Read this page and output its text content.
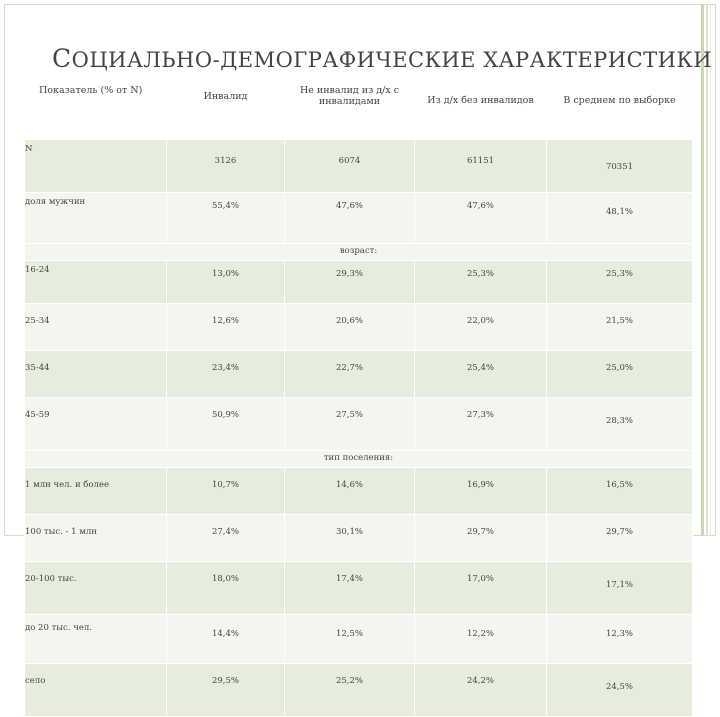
СОЦИАЛЬНО-ДЕМОГРАФИЧЕСКИЕ ХАРАКТЕРИСТИКИ
Показатель (% от N)	Инвалид	Не инвалид из д/х с инвалидами	Из д/х без инвалидов	В среднем по выборке

N	3126	6074	61151	70351
доля мужчин	55,4%	47,6%	47,6%	48,1%
возраст:				
16-24	13,0%	29,3%	25,3%	25,3%
25-34	12,6%	20,6%	22,0%	21,5%
35-44	23,4%	22,7%	25,4%	25,0%
45-59	50,9%	27,5%	27,3%	28,3%
тип поселения:				
1 млн чел. и более	10,7%	14,6%	16,9%	16,5%
100 тыс. - 1 млн	27,4%	30,1%	29,7%	29,7%
20-100 тыс.	18,0%	17,4%	17,0%	17,1%
до 20 тыс. чел.	14,4%	12,5%	12,2%	12,3%
село	29,5%	25,2%	24,2%	24,5%
